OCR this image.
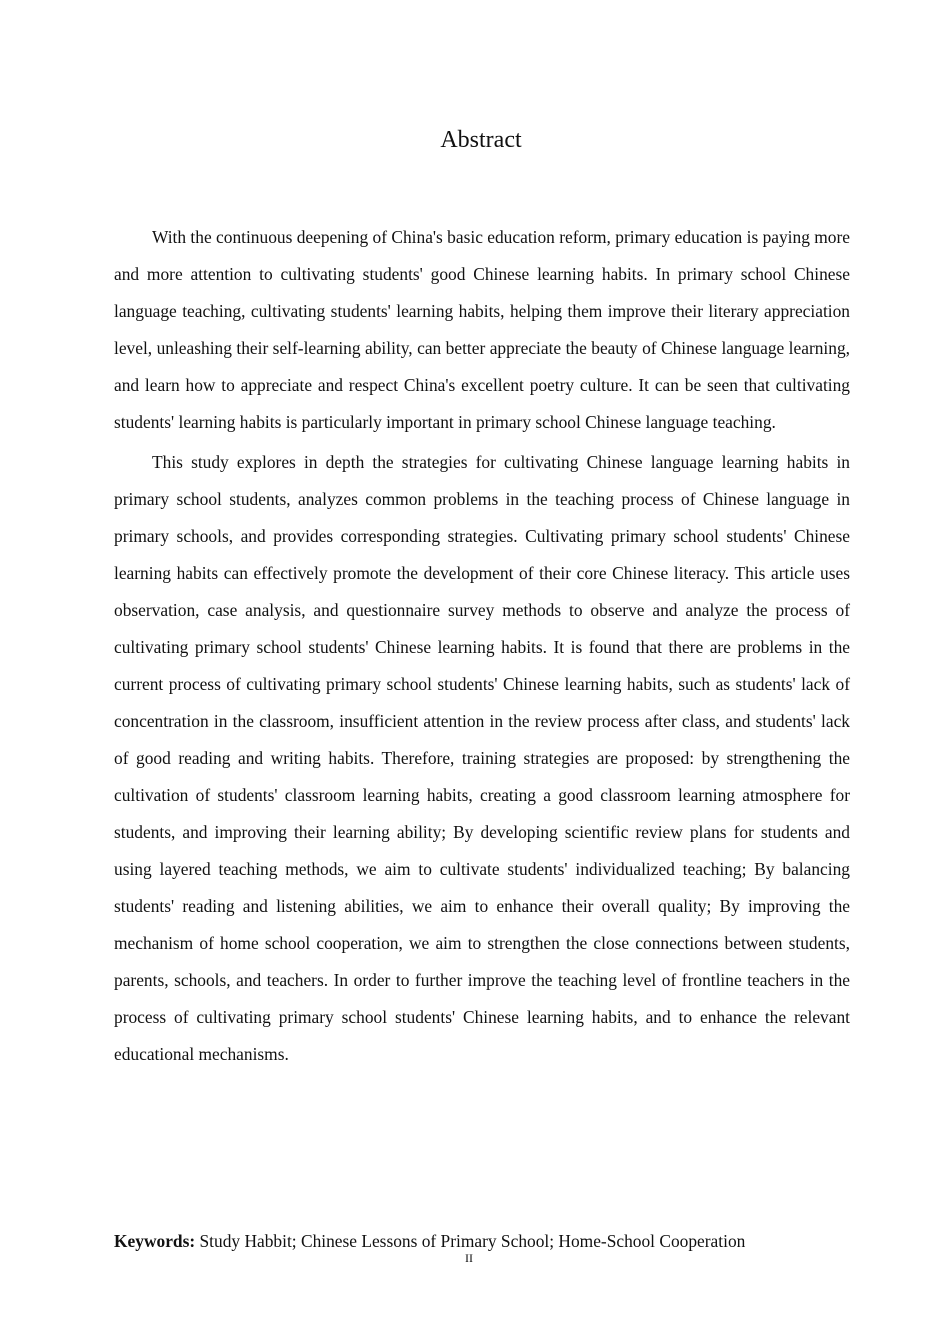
Abstract

With the continuous deepening of China's basic education reform, primary education is paying more and more attention to cultivating students' good Chinese learning habits. In primary school Chinese language teaching, cultivating students' learning habits, helping them improve their literary appreciation level, unleashing their self-learning ability, can better appreciate the beauty of Chinese language learning, and learn how to appreciate and respect China's excellent poetry culture. It can be seen that cultivating students' learning habits is particularly important in primary school Chinese language teaching.

This study explores in depth the strategies for cultivating Chinese language learning habits in primary school students, analyzes common problems in the teaching process of Chinese language in primary schools, and provides corresponding strategies. Cultivating primary school students' Chinese learning habits can effectively promote the development of their core Chinese literacy. This article uses observation, case analysis, and questionnaire survey methods to observe and analyze the process of cultivating primary school students' Chinese learning habits. It is found that there are problems in the current process of cultivating primary school students' Chinese learning habits, such as students' lack of concentration in the classroom, insufficient attention in the review process after class, and students' lack of good reading and writing habits. Therefore, training strategies are proposed: by strengthening the cultivation of students' classroom learning habits, creating a good classroom learning atmosphere for students, and improving their learning ability; By developing scientific review plans for students and using layered teaching methods, we aim to cultivate students' individualized teaching; By balancing students' reading and listening abilities, we aim to enhance their overall quality; By improving the mechanism of home school cooperation, we aim to strengthen the close connections between students, parents, schools, and teachers. In order to further improve the teaching level of frontline teachers in the process of cultivating primary school students' Chinese learning habits, and to enhance the relevant educational mechanisms.

Keywords: Study Habbit; Chinese Lessons of Primary School; Home-School Cooperation

II
